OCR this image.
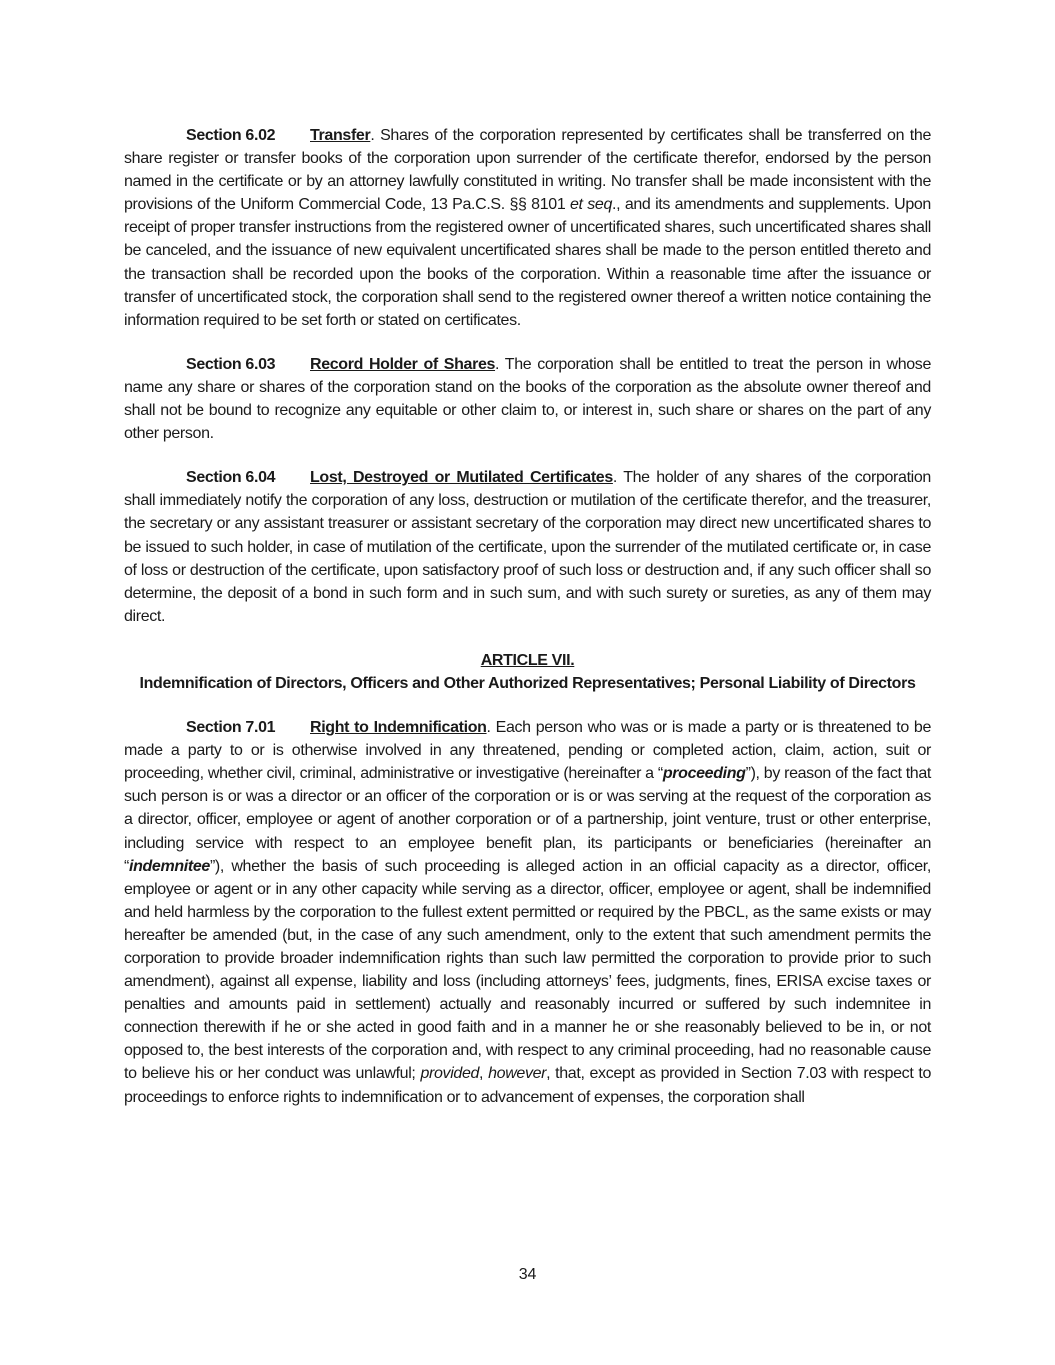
Section 6.02 Transfer. Shares of the corporation represented by certificates shall be transferred on the share register or transfer books of the corporation upon surrender of the certificate therefor, endorsed by the person named in the certificate or by an attorney lawfully constituted in writing. No transfer shall be made inconsistent with the provisions of the Uniform Commercial Code, 13 Pa.C.S. §§ 8101 et seq., and its amendments and supplements. Upon receipt of proper transfer instructions from the registered owner of uncertificated shares, such uncertificated shares shall be canceled, and the issuance of new equivalent uncertificated shares shall be made to the person entitled thereto and the transaction shall be recorded upon the books of the corporation. Within a reasonable time after the issuance or transfer of uncertificated stock, the corporation shall send to the registered owner thereof a written notice containing the information required to be set forth or stated on certificates.

Section 6.03 Record Holder of Shares. The corporation shall be entitled to treat the person in whose name any share or shares of the corporation stand on the books of the corporation as the absolute owner thereof and shall not be bound to recognize any equitable or other claim to, or interest in, such share or shares on the part of any other person.

Section 6.04 Lost, Destroyed or Mutilated Certificates. The holder of any shares of the corporation shall immediately notify the corporation of any loss, destruction or mutilation of the certificate therefor, and the treasurer, the secretary or any assistant treasurer or assistant secretary of the corporation may direct new uncertificated shares to be issued to such holder, in case of mutilation of the certificate, upon the surrender of the mutilated certificate or, in case of loss or destruction of the certificate, upon satisfactory proof of such loss or destruction and, if any such officer shall so determine, the deposit of a bond in such form and in such sum, and with such surety or sureties, as any of them may direct.

ARTICLE VII.
Indemnification of Directors, Officers and Other Authorized Representatives; Personal Liability of Directors

Section 7.01 Right to Indemnification. Each person who was or is made a party or is threatened to be made a party to or is otherwise involved in any threatened, pending or completed action, claim, action, suit or proceeding, whether civil, criminal, administrative or investigative (hereinafter a “proceeding”), by reason of the fact that such person is or was a director or an officer of the corporation or is or was serving at the request of the corporation as a director, officer, employee or agent of another corporation or of a partnership, joint venture, trust or other enterprise, including service with respect to an employee benefit plan, its participants or beneficiaries (hereinafter an “indemnitee”), whether the basis of such proceeding is alleged action in an official capacity as a director, officer, employee or agent or in any other capacity while serving as a director, officer, employee or agent, shall be indemnified and held harmless by the corporation to the fullest extent permitted or required by the PBCL, as the same exists or may hereafter be amended (but, in the case of any such amendment, only to the extent that such amendment permits the corporation to provide broader indemnification rights than such law permitted the corporation to provide prior to such amendment), against all expense, liability and loss (including attorneys’ fees, judgments, fines, ERISA excise taxes or penalties and amounts paid in settlement) actually and reasonably incurred or suffered by such indemnitee in connection therewith if he or she acted in good faith and in a manner he or she reasonably believed to be in, or not opposed to, the best interests of the corporation and, with respect to any criminal proceeding, had no reasonable cause to believe his or her conduct was unlawful; provided, however, that, except as provided in Section 7.03 with respect to proceedings to enforce rights to indemnification or to advancement of expenses, the corporation shall

34
